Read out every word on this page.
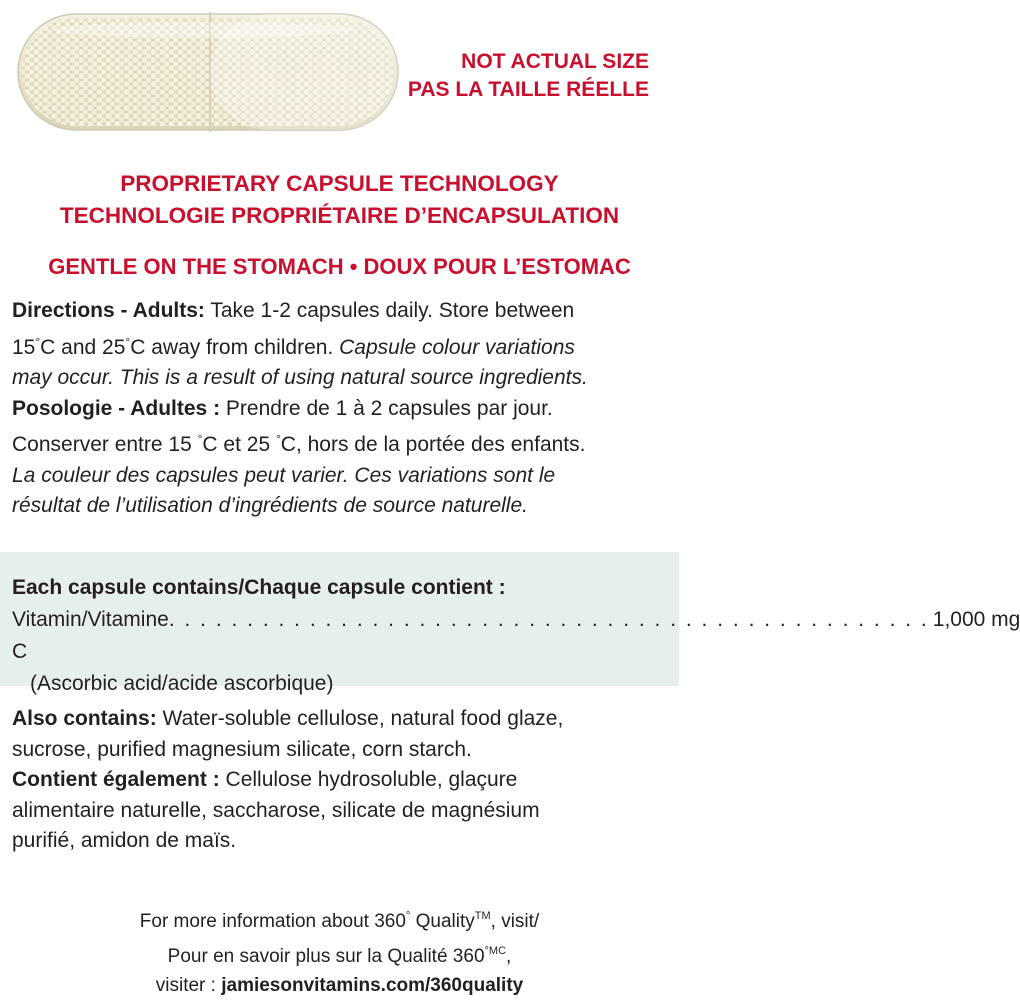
NOT ACTUAL SIZE
PAS LA TAILLE RÉELLE
PROPRIETARY CAPSULE TECHNOLOGY
TECHNOLOGIE PROPRIÉTAIRE D’ENCAPSULATION
GENTLE ON THE STOMACH • DOUX POUR L’ESTOMAC
Directions - Adults: Take 1-2 capsules daily. Store between
15°C and 25°C away from children. Capsule colour variations
may occur. This is a result of using natural source ingredients.
Posologie - Adultes : Prendre de 1 à 2 capsules par jour.
Conserver entre 15 °C et 25 °C, hors de la portée des enfants.
La couleur des capsules peut varier. Ces variations sont le
résultat de l’utilisation d’ingrédients de source naturelle.
Each capsule contains/Chaque capsule contient :
Vitamin/Vitamine C
. . . . . . . . . . . . . . . . . . . . . . . . . . . . . . . . . . . . . . . . . . . . . . . . . 1,000 mg
(Ascorbic acid/acide ascorbique)
Also contains: Water-soluble cellulose, natural food glaze,
sucrose, purified magnesium silicate, corn starch.
Contient également : Cellulose hydrosoluble, glaçure
alimentaire naturelle, saccharose, silicate de magnésium
purifié, amidon de maïs.
For more information about 360° Quality™, visit/
Pour en savoir plus sur la Qualité $360^{^\circ MC}$,
visiter : jamiesonvitamins.com/360quality
